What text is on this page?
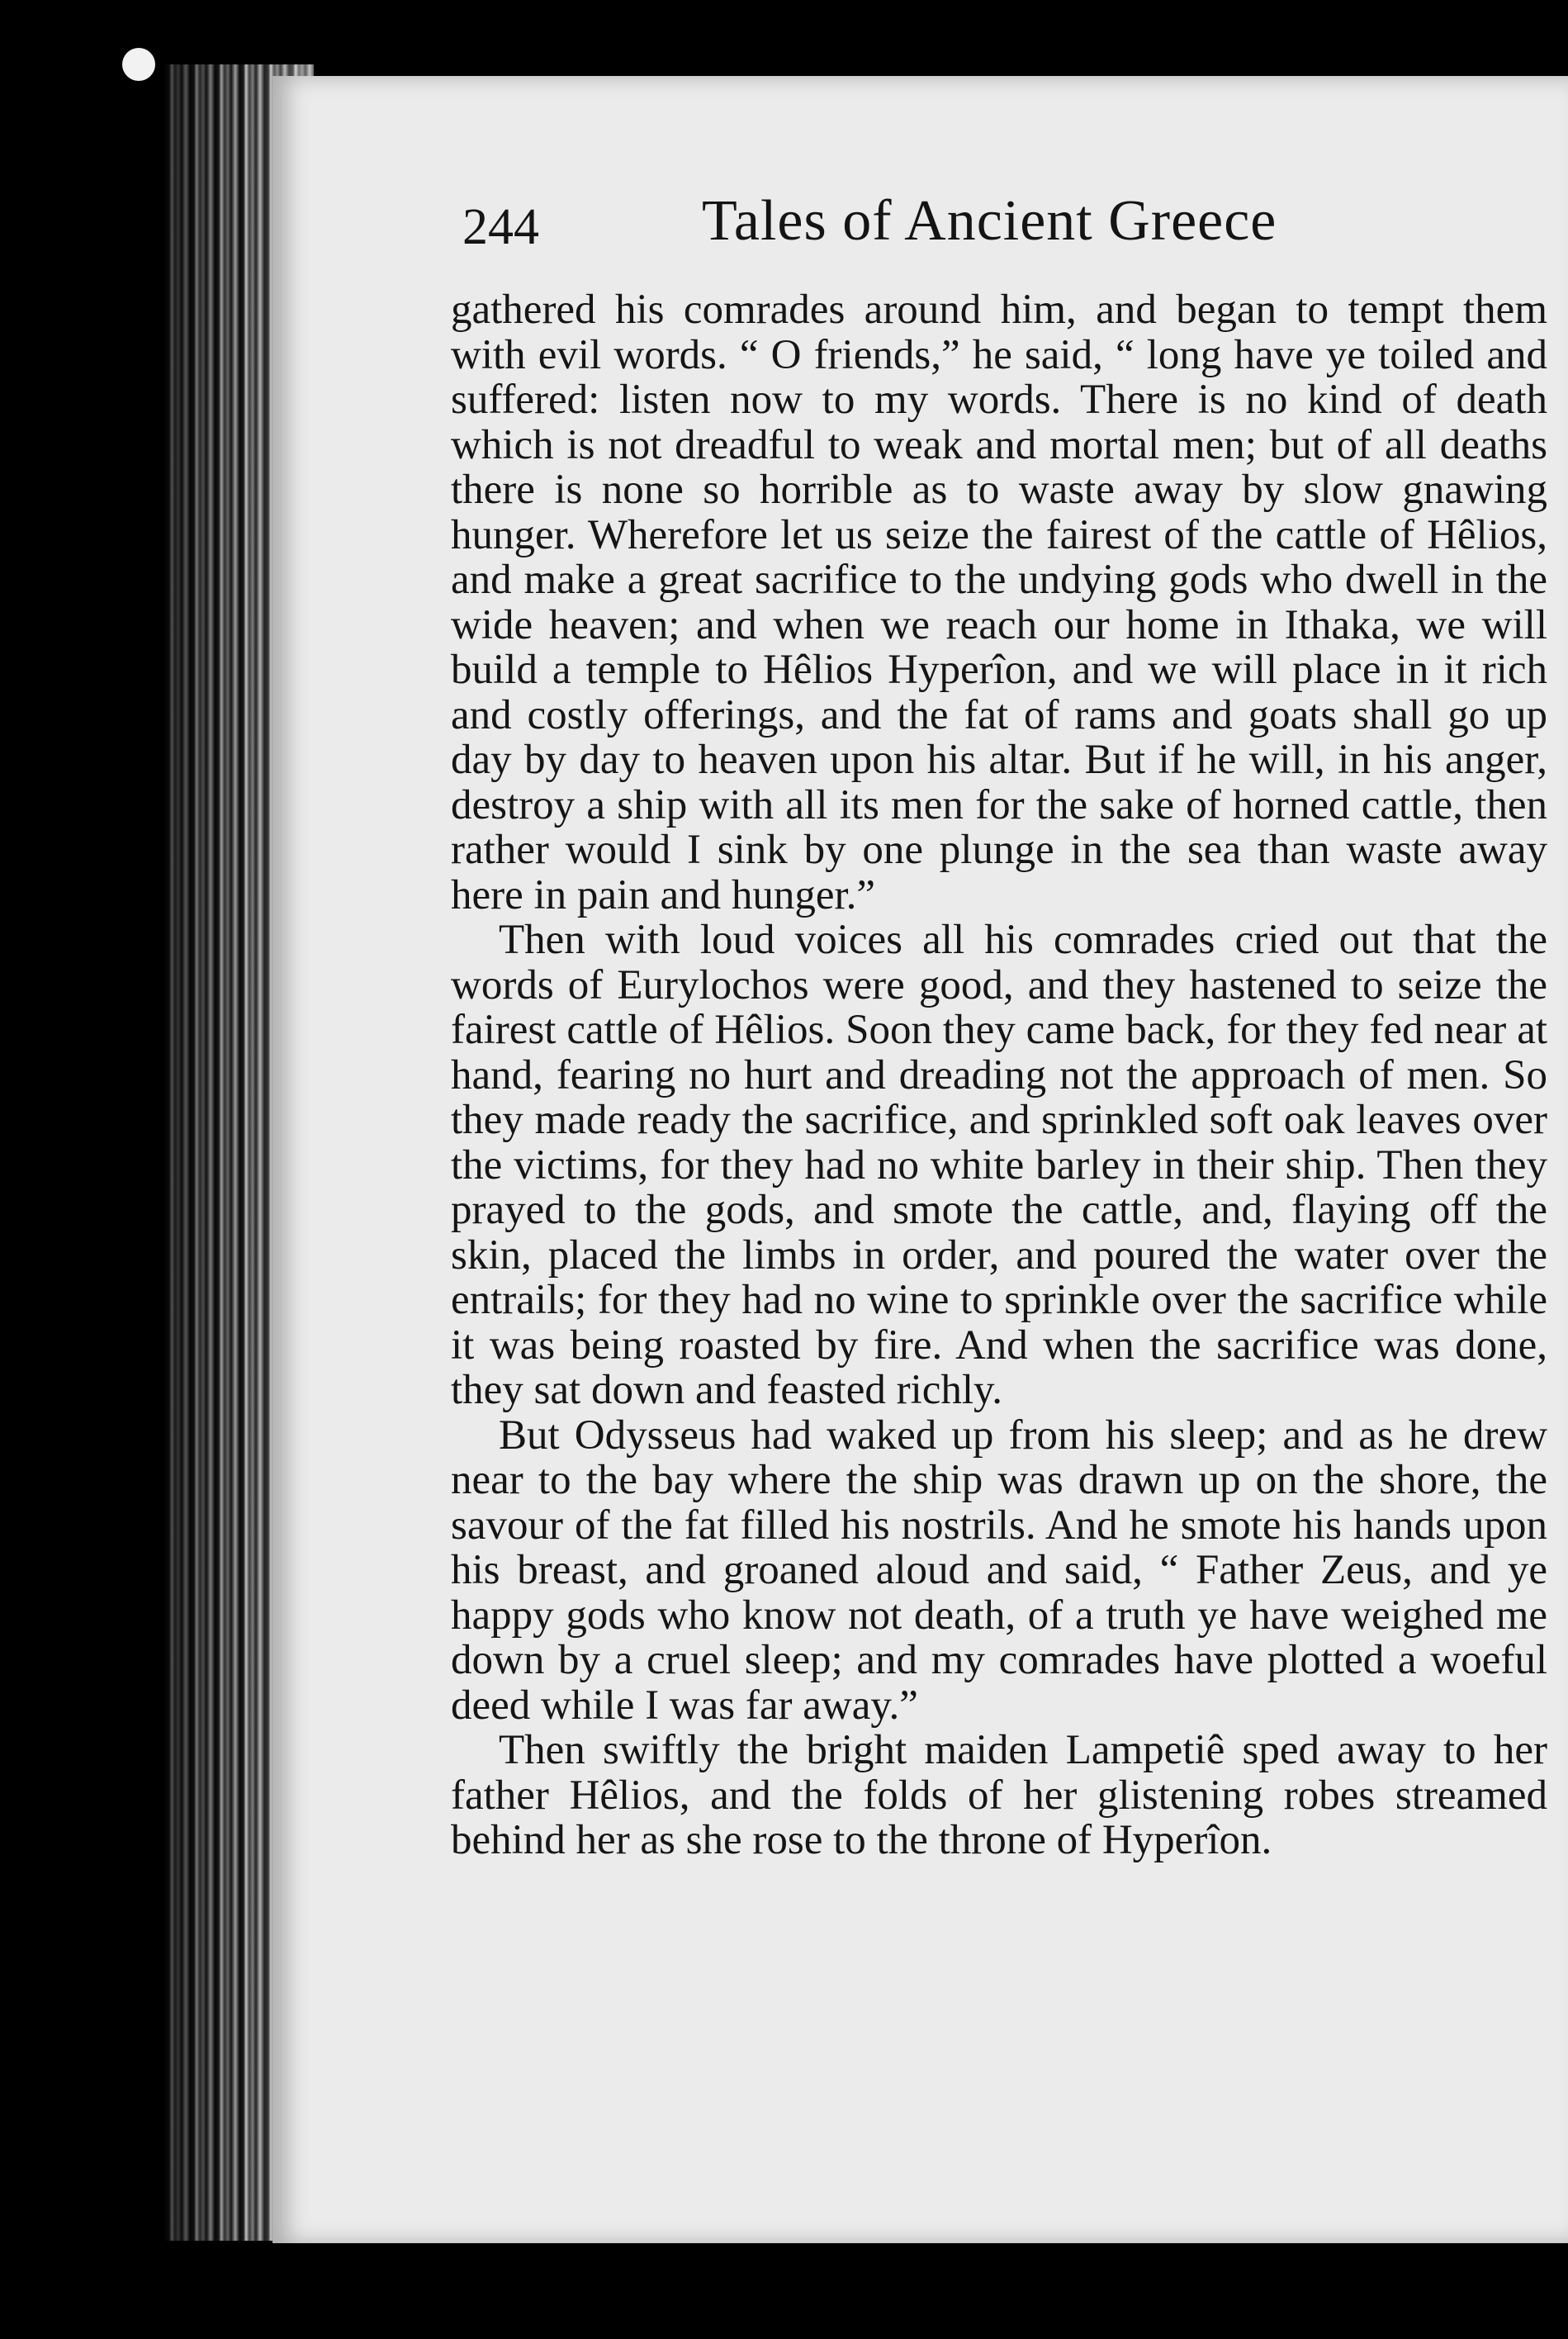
244	Tales of Ancient Greece

gathered his comrades around him, and began to tempt them with evil words. “ O friends,” he said, “ long have ye toiled and suffered: listen now to my words. There is no kind of death which is not dreadful to weak and mortal men; but of all deaths there is none so horrible as to waste away by slow gnawing hunger. Wherefore let us seize the fairest of the cattle of Hêlios, and make a great sacrifice to the undying gods who dwell in the wide heaven; and when we reach our home in Ithaka, we will build a temple to Hêlios Hyperîon, and we will place in it rich and costly offerings, and the fat of rams and goats shall go up day by day to heaven upon his altar. But if he will, in his anger, destroy a ship with all its men for the sake of horned cattle, then rather would I sink by one plunge in the sea than waste away here in pain and hunger.”

Then with loud voices all his comrades cried out that the words of Eurylochos were good, and they hastened to seize the fairest cattle of Hêlios. Soon they came back, for they fed near at hand, fearing no hurt and dreading not the approach of men. So they made ready the sacrifice, and sprinkled soft oak leaves over the victims, for they had no white barley in their ship. Then they prayed to the gods, and smote the cattle, and, flaying off the skin, placed the limbs in order, and poured the water over the entrails; for they had no wine to sprinkle over the sacrifice while it was being roasted by fire. And when the sacrifice was done, they sat down and feasted richly.

But Odysseus had waked up from his sleep; and as he drew near to the bay where the ship was drawn up on the shore, the savour of the fat filled his nostrils. And he smote his hands upon his breast, and groaned aloud and said, “ Father Zeus, and ye happy gods who know not death, of a truth ye have weighed me down by a cruel sleep; and my comrades have plotted a woeful deed while I was far away.”

Then swiftly the bright maiden Lampetiê sped away to her father Hêlios, and the folds of her glistening robes streamed behind her as she rose to the throne of Hyperîon.
